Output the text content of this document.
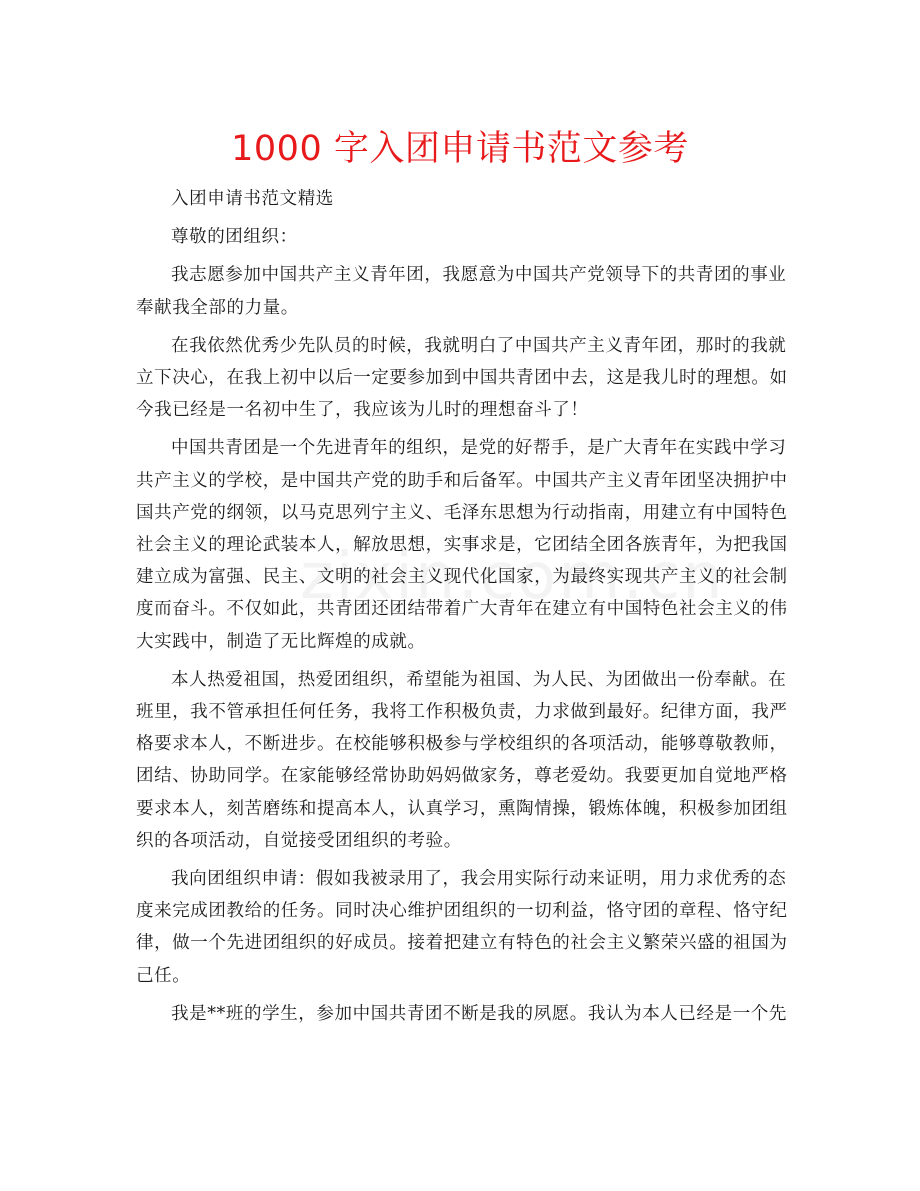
1000 字入团申请书范文参考
入团申请书范文精选
尊敬的团组织：
我志愿参加中国共产主义青年团，我愿意为中国共产党领导下的共青团的事业
奉献我全部的力量。
在我依然优秀少先队员的时候，我就明白了中国共产主义青年团，那时的我就
立下决心，在我上初中以后一定要参加到中国共青团中去，这是我儿时的理想。如
今我已经是一名初中生了，我应该为儿时的理想奋斗了！
中国共青团是一个先进青年的组织，是党的好帮手，是广大青年在实践中学习
共产主义的学校，是中国共产党的助手和后备军。中国共产主义青年团坚决拥护中
国共产党的纲领，以马克思列宁主义、毛泽东思想为行动指南，用建立有中国特色
社会主义的理论武装本人，解放思想，实事求是，它团结全团各族青年，为把我国
建立成为富强、民主、文明的社会主义现代化国家，为最终实现共产主义的社会制
度而奋斗。不仅如此，共青团还团结带着广大青年在建立有中国特色社会主义的伟
大实践中，制造了无比辉煌的成就。
本人热爱祖国，热爱团组织，希望能为祖国、为人民、为团做出一份奉献。在
班里，我不管承担任何任务，我将工作积极负责，力求做到最好。纪律方面，我严
格要求本人，不断进步。在校能够积极参与学校组织的各项活动，能够尊敬教师，
团结、协助同学。在家能够经常协助妈妈做家务，尊老爱幼。我要更加自觉地严格
要求本人，刻苦磨练和提高本人，认真学习，熏陶情操，锻炼体魄，积极参加团组
织的各项活动，自觉接受团组织的考验。
我向团组织申请：假如我被录用了，我会用实际行动来证明，用力求优秀的态
度来完成团教给的任务。同时决心维护团组织的一切利益，恪守团的章程、恪守纪
律，做一个先进团组织的好成员。接着把建立有特色的社会主义繁荣兴盛的祖国为
己任。
我是**班的学生，参加中国共青团不断是我的夙愿。我认为本人已经是一个先
